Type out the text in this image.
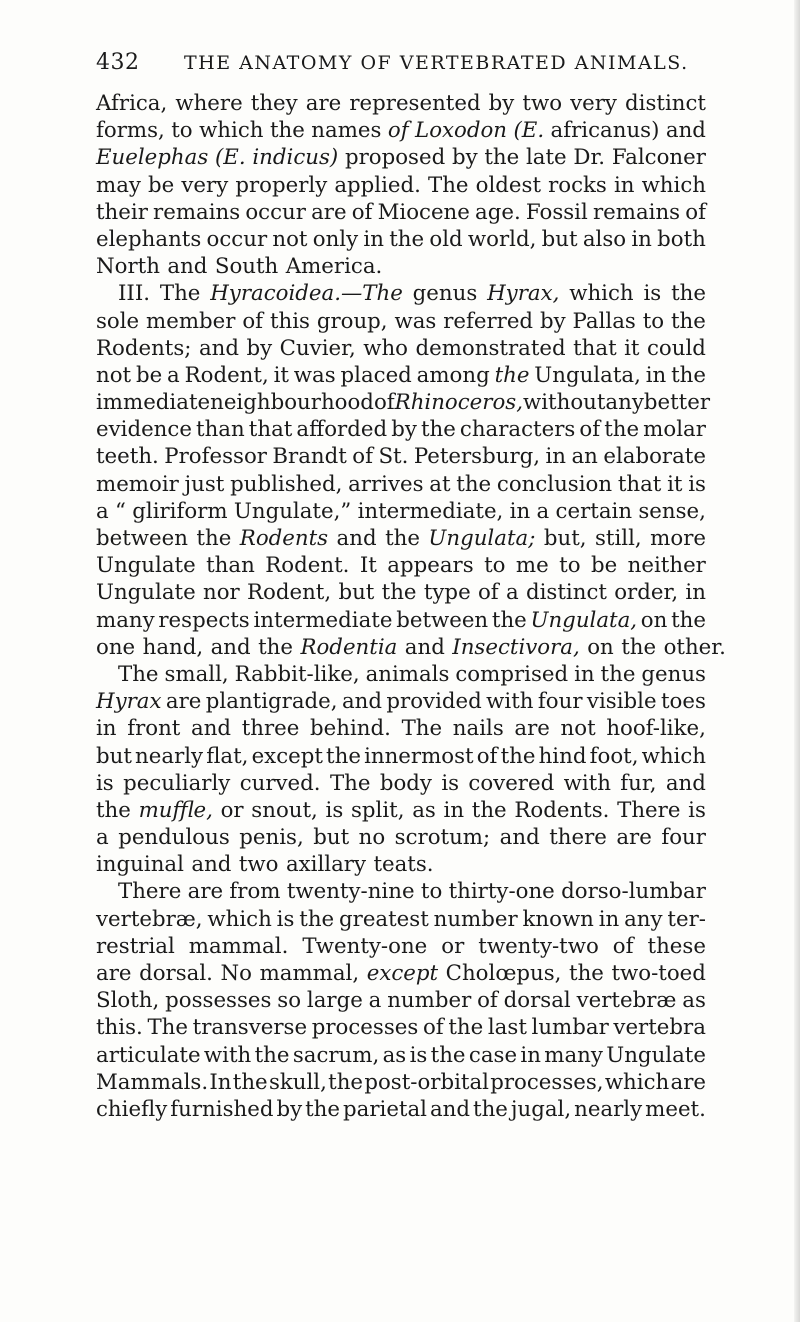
432 THE ANATOMY OF VERTEBRATED ANIMALS.
Africa, where they are represented by two very distinct
forms, to which the names of Loxodon (E. africanus) and
Euelephas (E. indicus) proposed by the late Dr. Falconer
may be very properly applied. The oldest rocks in which
their remains occur are of Miocene age. Fossil remains of
elephants occur not only in the old world, but also in both
North and South America.
III. The Hyracoidea.—The genus Hyrax, which is the
sole member of this group, was referred by Pallas to the
Rodents; and by Cuvier, who demonstrated that it could
not be a Rodent, it was placed among the Ungulata, in the
immediate neighbourhood of Rhinoceros, without any better
evidence than that afforded by the characters of the molar
teeth. Professor Brandt of St. Petersburg, in an elaborate
memoir just published, arrives at the conclusion that it is
a “ gliriform Ungulate,” intermediate, in a certain sense,
between the Rodents and the Ungulata; but, still, more
Ungulate than Rodent. It appears to me to be neither
Ungulate nor Rodent, but the type of a distinct order, in
many respects intermediate between the Ungulata, on the
one hand, and the Rodentia and Insectivora, on the other.
The small, Rabbit-like, animals comprised in the genus
Hyrax are plantigrade, and provided with four visible toes
in front and three behind. The nails are not hoof-like,
but nearly flat, except the innermost of the hind foot, which
is peculiarly curved. The body is covered with fur, and
the muffle, or snout, is split, as in the Rodents. There is
a pendulous penis, but no scrotum; and there are four
inguinal and two axillary teats.
There are from twenty-nine to thirty-one dorso-lumbar
vertebræ, which is the greatest number known in any ter-
restrial mammal. Twenty-one or twenty-two of these
are dorsal. No mammal, except Cholœpus, the two-toed
Sloth, possesses so large a number of dorsal vertebræ as
this. The transverse processes of the last lumbar vertebra
articulate with the sacrum, as is the case in many Ungulate
Mammals. In the skull, the post-orbital processes, which are
chiefly furnished by the parietal and the jugal, nearly meet.
